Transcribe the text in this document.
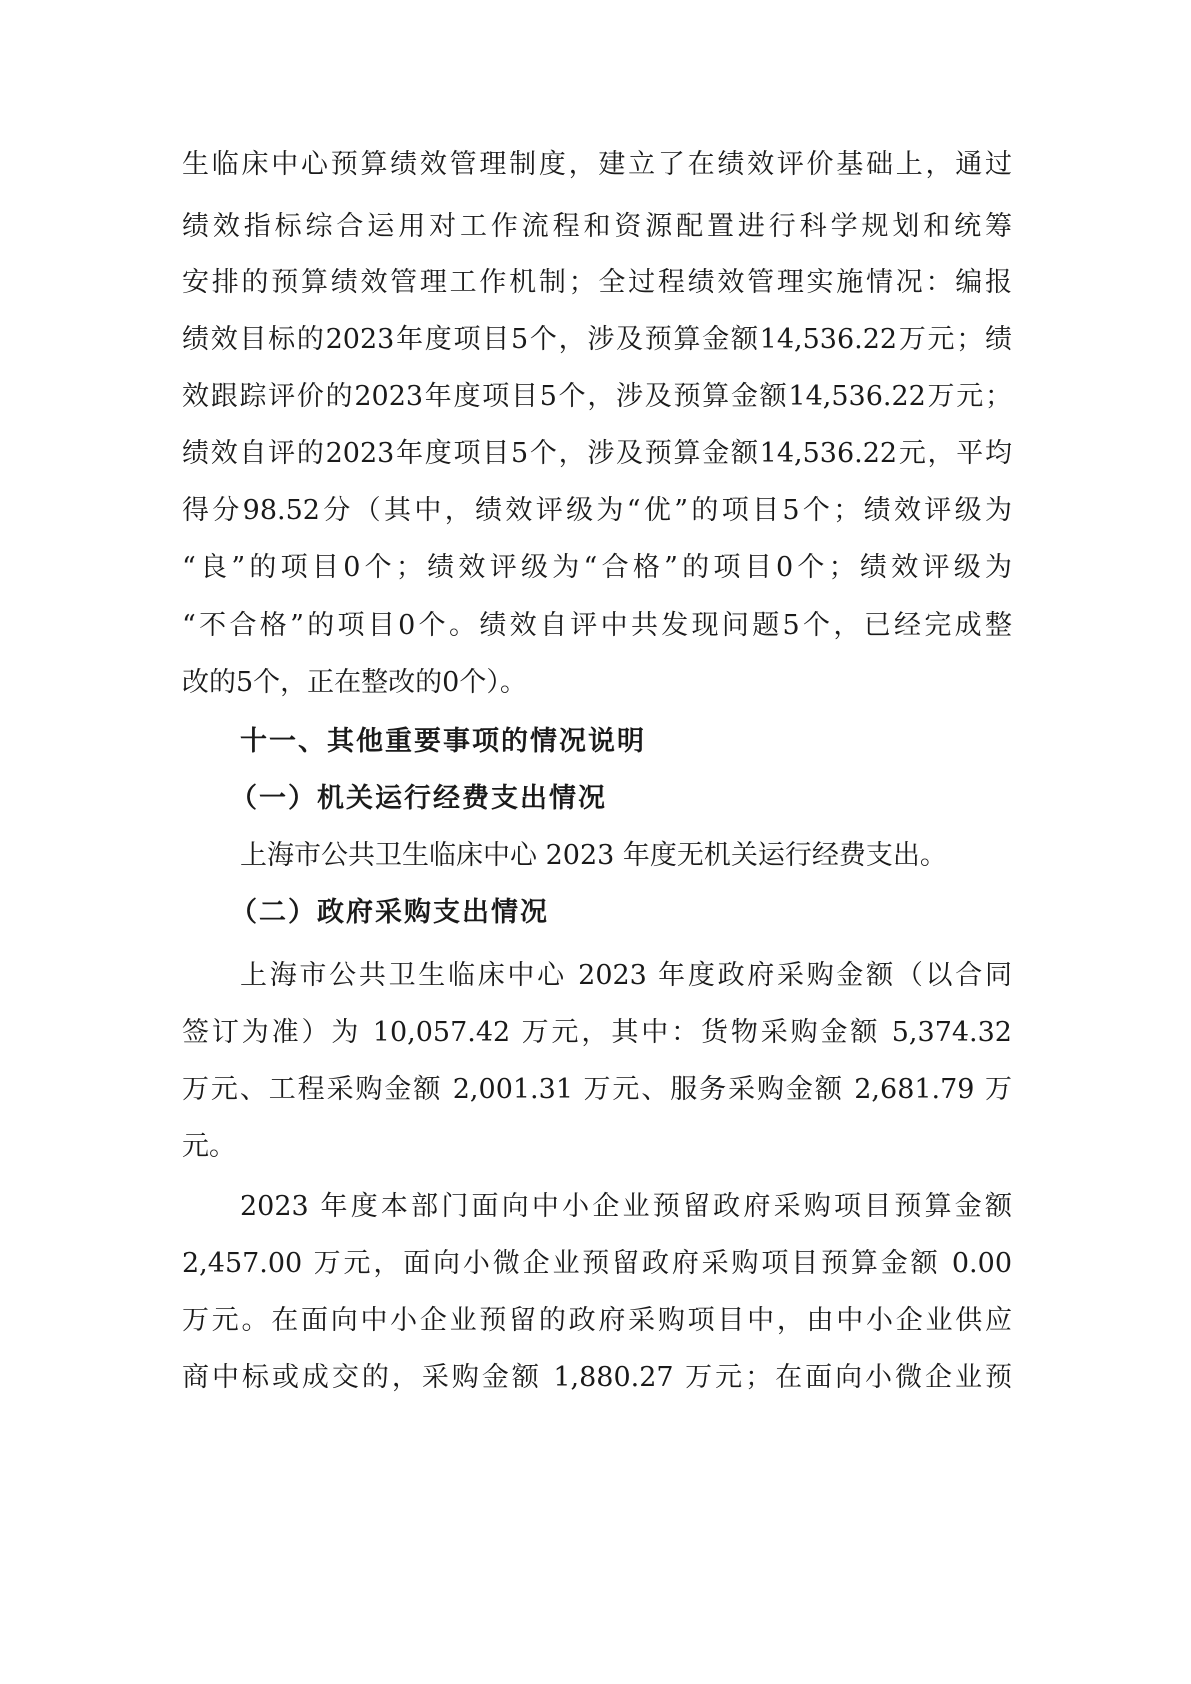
生临床中心预算绩效管理制度，建立了在绩效评价基础上，通过
绩效指标综合运用对工作流程和资源配置进行科学规划和统筹
安排的预算绩效管理工作机制；全过程绩效管理实施情况：编报
绩效目标的2023年度项目5个，涉及预算金额14,536.22万元；绩
效跟踪评价的2023年度项目5个，涉及预算金额14,536.22万元；
绩效自评的2023年度项目5个，涉及预算金额14,536.22元，平均
得分98.52分（其中，绩效评级为“优”的项目5个；绩效评级为
“良”的项目0个；绩效评级为“合格”的项目0个；绩效评级为
“不合格”的项目0个。绩效自评中共发现问题5个，已经完成整
改的5个，正在整改的0个）。
十一、其他重要事项的情况说明
（一）机关运行经费支出情况
上海市公共卫生临床中心 2023 年度无机关运行经费支出。
（二）政府采购支出情况
上海市公共卫生临床中心 2023 年度政府采购金额（以合同
签订为准）为 10,057.42 万元，其中：货物采购金额 5,374.32
万元、工程采购金额 2,001.31 万元、服务采购金额 2,681.79 万
元。
2023 年度本部门面向中小企业预留政府采购项目预算金额
2,457.00 万元，面向小微企业预留政府采购项目预算金额 0.00
万元。在面向中小企业预留的政府采购项目中，由中小企业供应
商中标或成交的，采购金额 1,880.27 万元；在面向小微企业预
